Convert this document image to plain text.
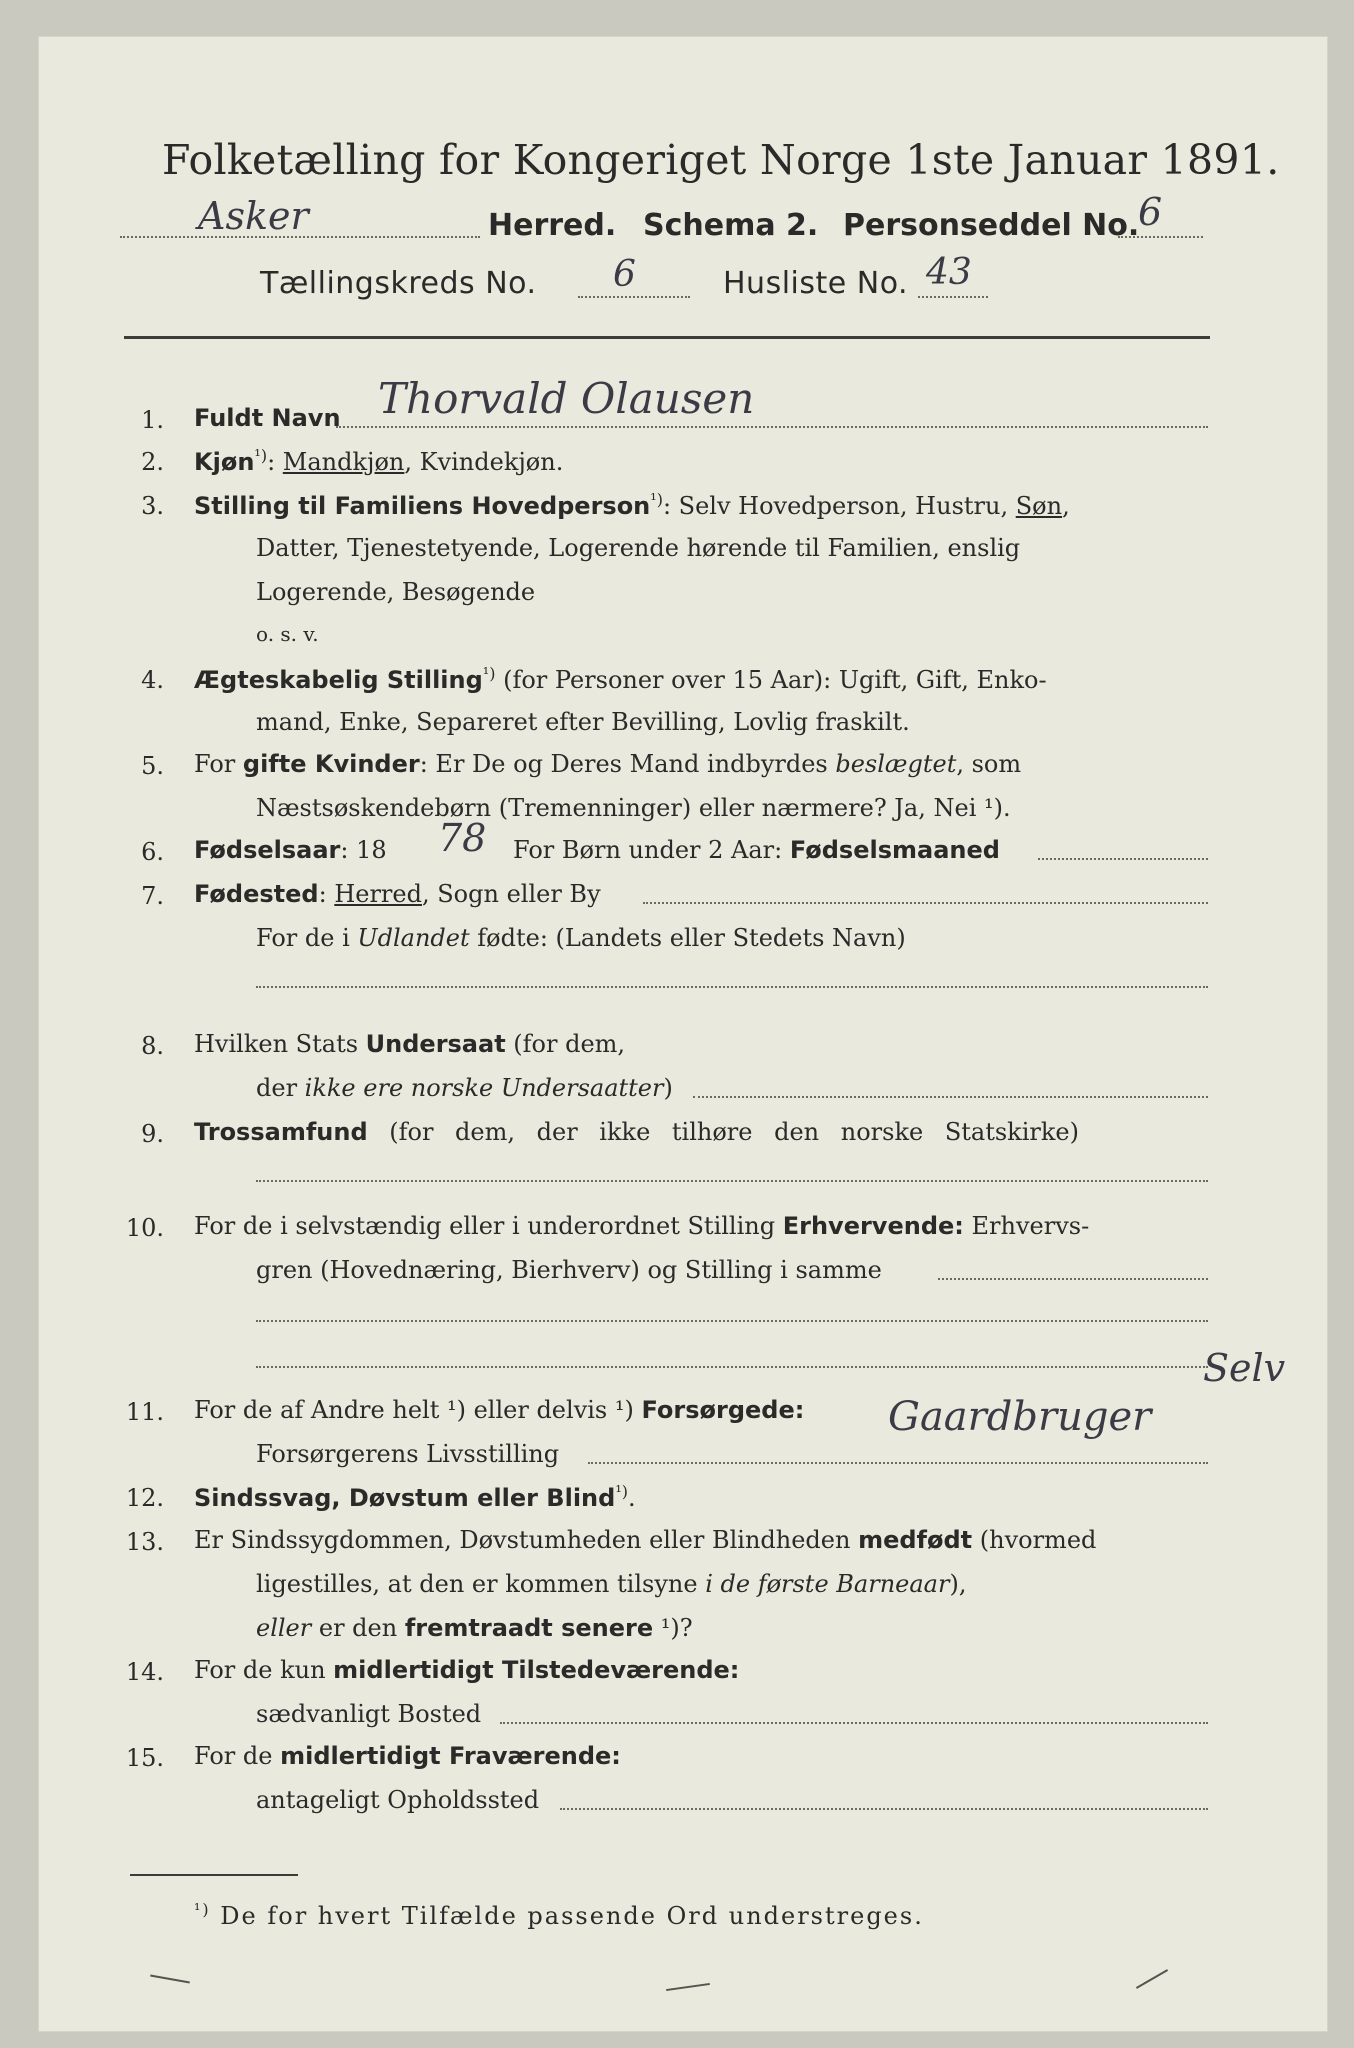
Folketælling for Kongeriget Norge 1ste Januar 1891.
Asker	Herred. Schema 2. Personseddel No.
6
Tællingskreds No. 6	Husliste No. 43
1. Fuldt Navn Thorvald Olausen
2. Kjøn$^{^1)}$: Mandkjøn, Kvindekjøn.
3. Stilling til Familiens Hovedperson$^{^1)}$: Selv Hovedperson, Hustru, Søn,
Datter, Tjenestetyende, Logerende hørende til Familien, enslig
Logerende, Besøgende
o. s. v.
4. Ægteskabelig Stilling$^{^1)}$ (for Personer over 15 Aar): Ugift, Gift, Enko-
mand, Enke, Separeret efter Bevilling, Lovlig fraskilt.
5. For gifte Kvinder: Er De og Deres Mand indbyrdes beslægtet, som
Næstsøskendebørn (Tremenninger) eller nærmere? Ja, Nei ¹).
6. Fødselsaar: 18 78 For Børn under 2 Aar: Fødselsmaaned
7. Fødested: Herred, Sogn eller By
For de i Udlandet fødte: (Landets eller Stedets Navn)
8. Hvilken Stats Undersaat (for dem,
der ikke ere norske Undersaatter)
9. Trossamfund (for dem, der ikke tilhøre den norske Statskirke)
10. For de i selvstændig eller i underordnet Stilling Erhvervende: Erhvervs-
gren (Hovednæring, Bierhverv) og Stilling i samme
11. For de af Andre helt ¹) eller delvis ¹) Forsørgede:
Selv
Forsørgerens Livsstilling
Gaardbruger
12. Sindssvag, Døvstum eller Blind$^{^1)}$.
13. Er Sindssygdommen, Døvstumheden eller Blindheden medfødt (hvormed
ligestilles, at den er kommen tilsyne i de første Barneaar),
eller er den fremtraadt senere ¹)?
14. For de kun midlertidigt Tilstedeværende:
sædvanligt Bosted
15. For de midlertidigt Fraværende:
antageligt Opholdssted
$^{^1)}$ De for hvert Tilfælde passende Ord understreges.
